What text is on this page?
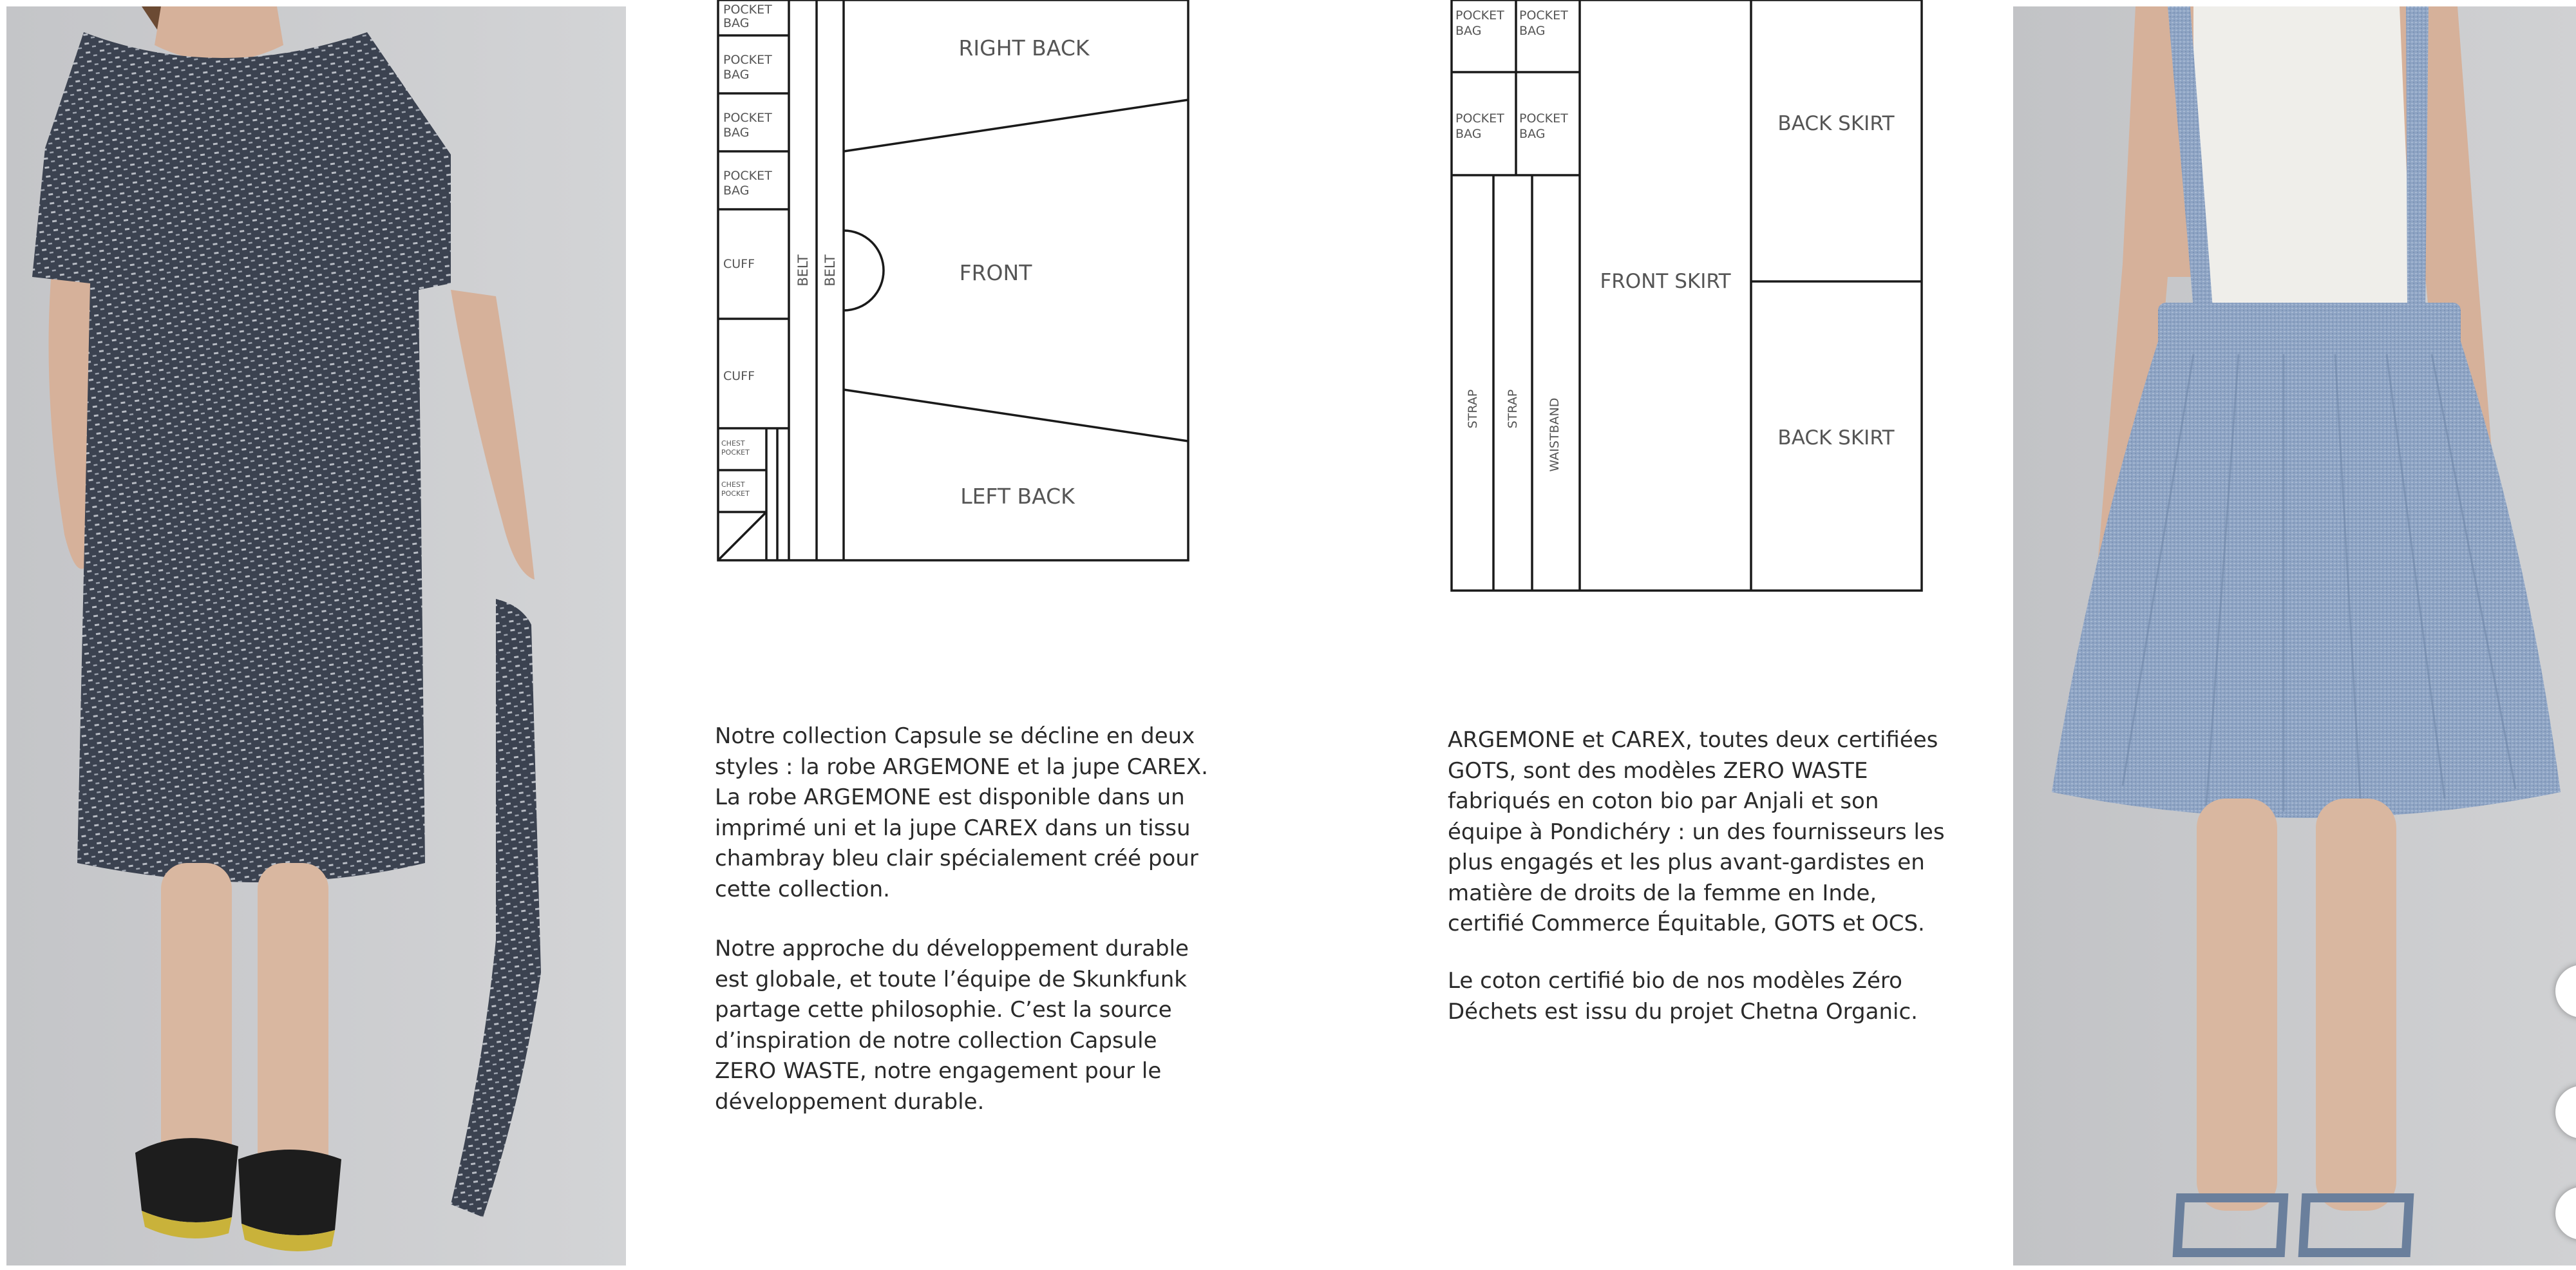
POCKET
BAG
POCKET
BAG
POCKET
BAG
POCKET
BAG
CUFF
CUFF
CHEST
POCKET
CHEST
POCKET
BELT BELT
RIGHT BACK
FRONT
LEFT BACK
POCKET
BAG
POCKET
BAG
POCKET
BAG
POCKET
BAG
STRAP STRAP WAISTBAND
FRONT SKIRT
BACK SKIRT
BACK SKIRT

Notre collection Capsule se décline en deux styles : la robe ARGEMONE et la jupe CAREX. La robe ARGEMONE est disponible dans un imprimé uni et la jupe CAREX dans un tissu chambray bleu clair spécialement créé pour cette collection.

Notre approche du développement durable est globale, et toute l’équipe de Skunkfunk partage cette philosophie. C’est la source d’inspiration de notre collection Capsule ZERO WASTE, notre engagement pour le développement durable.

ARGEMONE et CAREX, toutes deux certifiées GOTS, sont des modèles ZERO WASTE fabriqués en coton bio par Anjali et son équipe à Pondichéry : un des fournisseurs les plus engagés et les plus avant-gardistes en matière de droits de la femme en Inde, certifié Commerce Équitable, GOTS et OCS.

Le coton certifié bio de nos modèles Zéro Déchets est issu du projet Chetna Organic.
